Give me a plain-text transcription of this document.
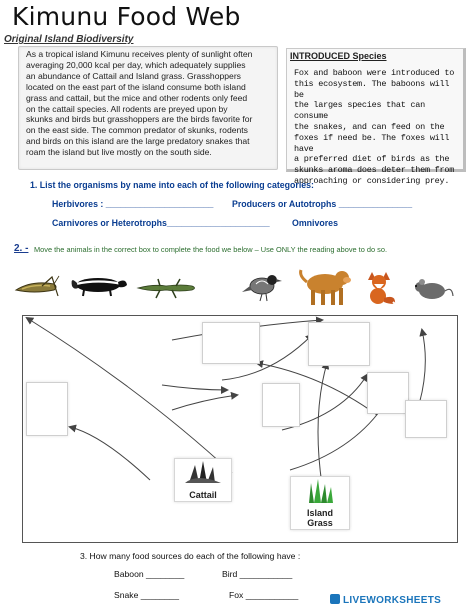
Kimunu Food Web
Original Island Biodiversity
As a tropical island Kimunu receives plenty of sunlight often
averaging 20,000 kcal per day, which adequately supplies
an abundance of Cattail and Island grass. Grasshoppers
located on the east part of the island consume both island
grass and cattail, but the mice and other rodents only feed
on the cattail species. All rodents are preyed upon by
skunks and birds but grasshoppers are the birds favorite for
on the east side. The common predator of skunks, rodents
and birds on this island are the large predatory snakes that
roam the island but live mostly on the south side.
INTRODUCED Species
Fox and baboon were introduced to
this ecosystem. The baboons will be
the larges species that can consume
the snakes, and can feed on the
foxes if need be. The foxes will have
a preferred diet of birds as the
skunks aroma does deter them from
approaching or considering prey.
1. List the organisms by name into each of the following categories:
Herbivores : ______________________ Producers or Autotrophs _______________
Carnivores or Heterotrophs_____________________	Omnivores
2. - Move the animals in the correct box to complete the food we below – Use ONLY the reading above to do so.
Cattail
Island
Grass
3. How many food sources do each of the following have :
Baboon ________	Bird ___________
Snake ________	Fox ___________	LIVEWORKSHEETS
